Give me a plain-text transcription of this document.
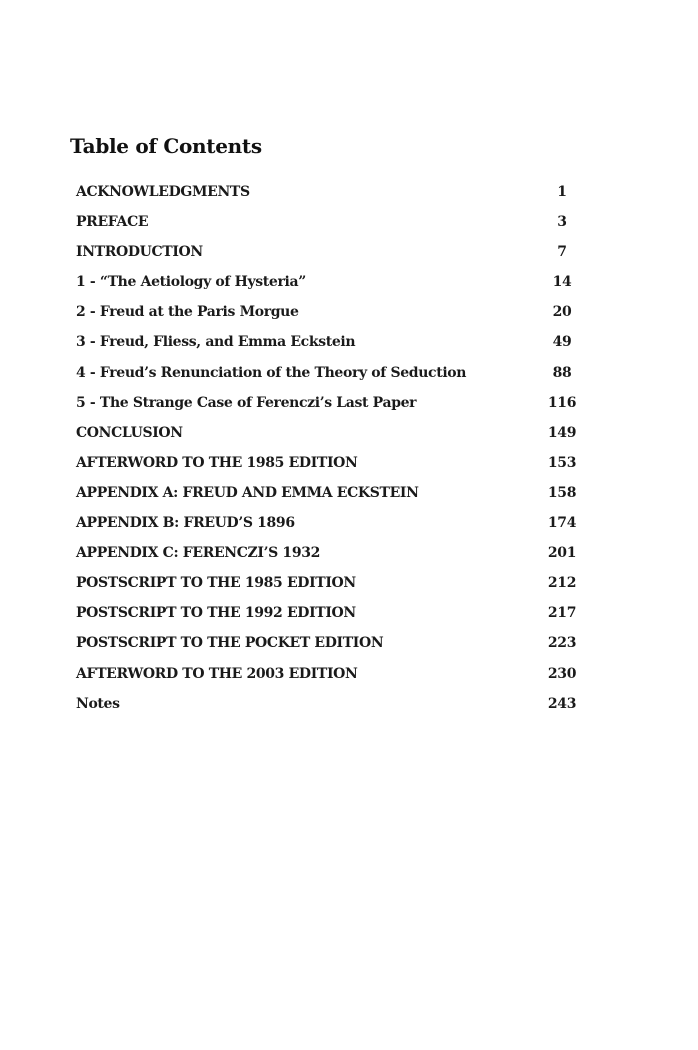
Table of Contents
ACKNOWLEDGMENTS	1
PREFACE	3
INTRODUCTION	7
1 - “The Aetiology of Hysteria”	14
2 - Freud at the Paris Morgue	20
3 - Freud, Fliess, and Emma Eckstein	49
4 - Freud’s Renunciation of the Theory of Seduction	88
5 - The Strange Case of Ferenczi’s Last Paper	116
CONCLUSION	149
AFTERWORD TO THE 1985 EDITION	153
APPENDIX A: FREUD AND EMMA ECKSTEIN	158
APPENDIX B: FREUD’S 1896	174
APPENDIX C: FERENCZI’S 1932	201
POSTSCRIPT TO THE 1985 EDITION	212
POSTSCRIPT TO THE 1992 EDITION	217
POSTSCRIPT TO THE POCKET EDITION	223
AFTERWORD TO THE 2003 EDITION	230
Notes	243
